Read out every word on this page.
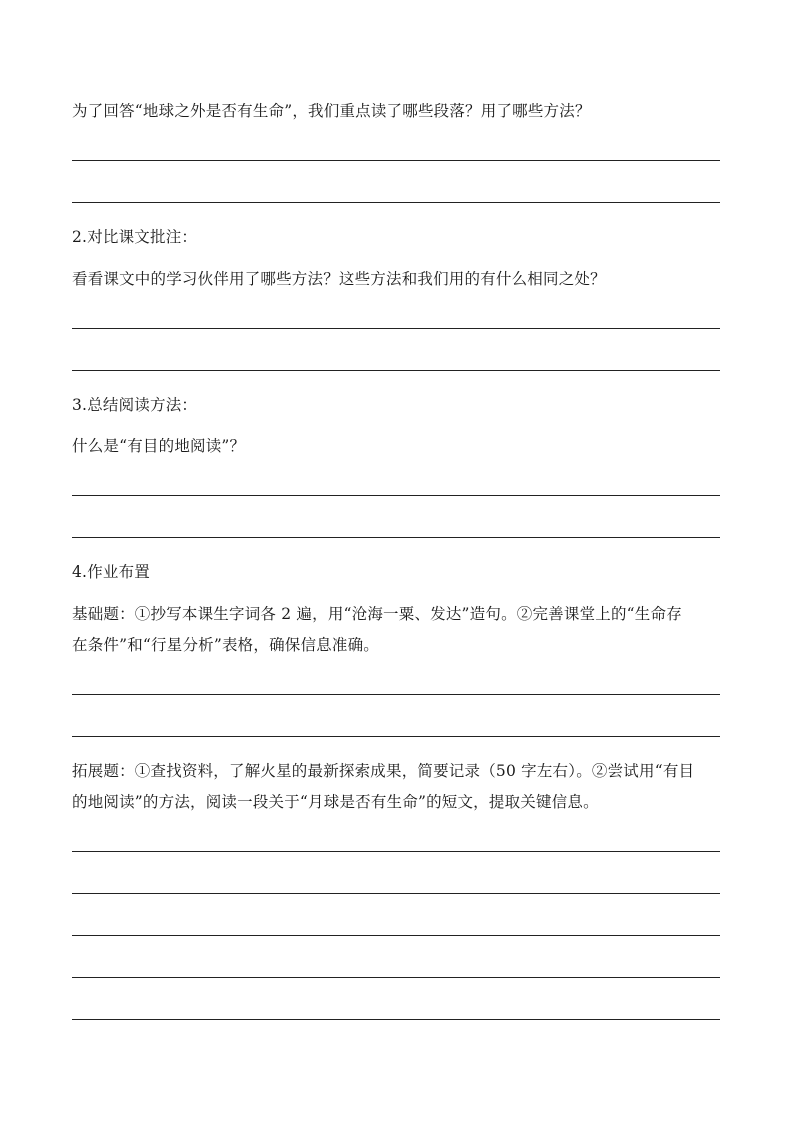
为了回答“地球之外是否有生命”，我们重点读了哪些段落？用了哪些方法？
2.对比课文批注：
看看课文中的学习伙伴用了哪些方法？这些方法和我们用的有什么相同之处？
3.总结阅读方法：
什么是“有目的地阅读”？
4.作业布置
基础题：①抄写本课生字词各 2 遍，用“沧海一粟、发达”造句。②完善课堂上的“生命存
在条件”和“行星分析”表格，确保信息准确。
拓展题：①查找资料，了解火星的最新探索成果，简要记录（50 字左右）。②尝试用“有目
的地阅读”的方法，阅读一段关于“月球是否有生命”的短文，提取关键信息。
